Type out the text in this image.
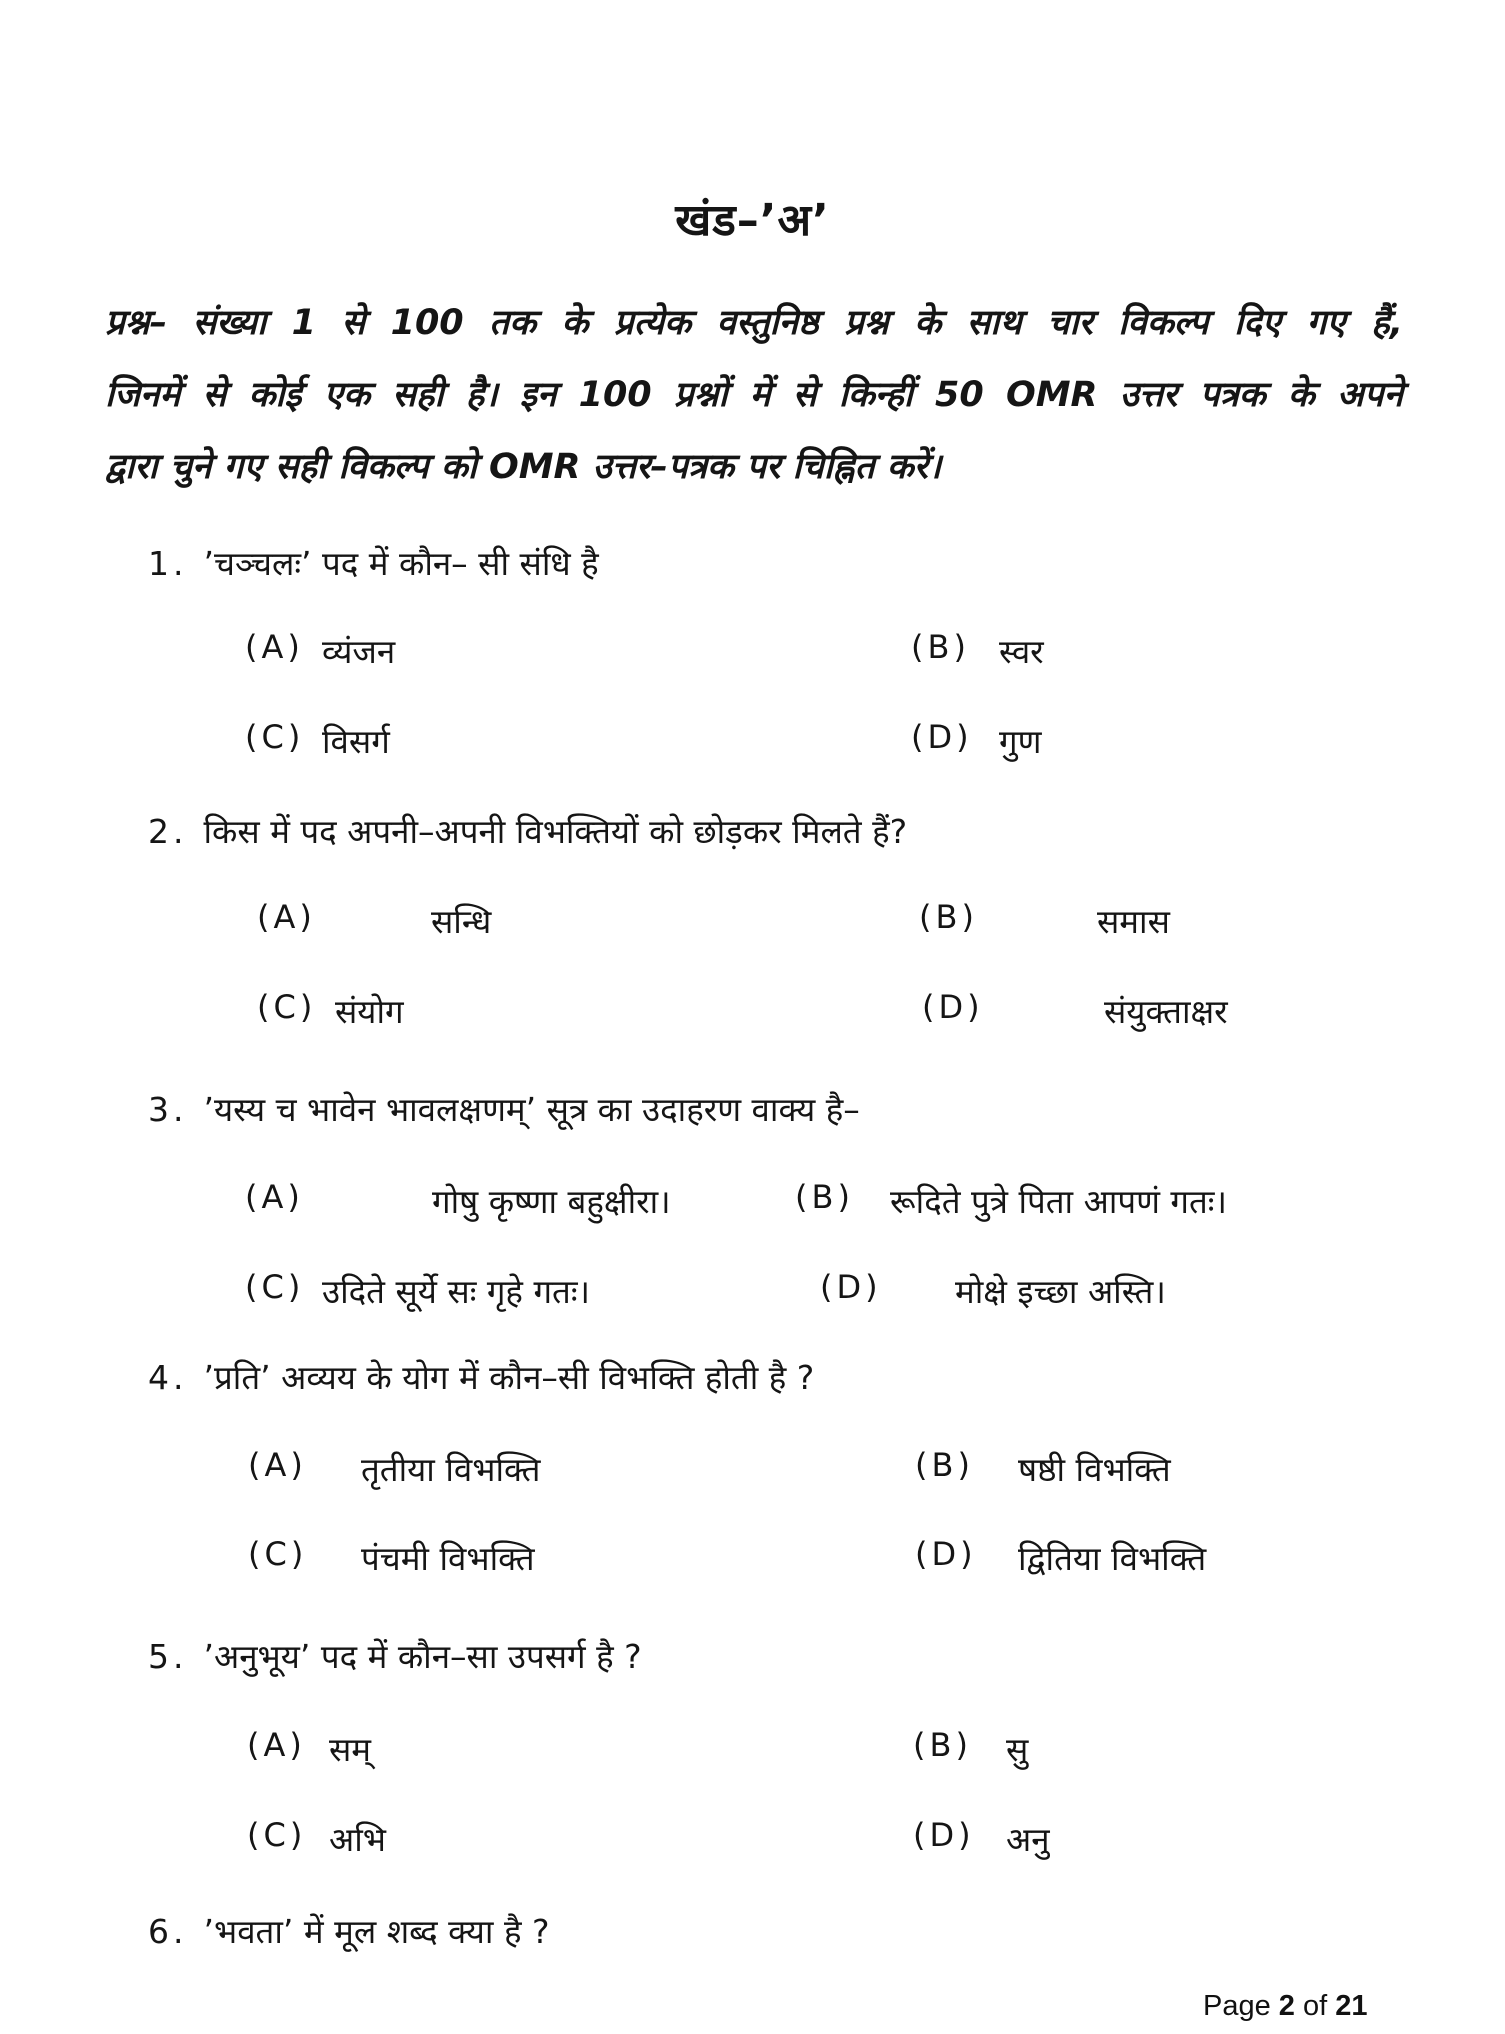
खंड–’अ’
प्रश्न– संख्या 1 से 100 तक के प्रत्येक वस्तुनिष्ठ प्रश्न के साथ चार विकल्प दिए गए हैं,
जिनमें से कोई एक सही है। इन 100 प्रश्नों में से किन्हीं 50 OMR उत्तर पत्रक के अपने
द्वारा चुने गए सही विकल्प को OMR उत्तर–पत्रक पर चिह्नित करें।
1. ’चञ्चलः’ पद में कौन– सी संधि है
(A) व्यंजन	(B) स्वर
(C) विसर्ग	(D) गुण
2. किस में पद अपनी–अपनी विभक्तियों को छोड़कर मिलते हैं?
(A)	सन्धि	(B)	समास
(C) संयोग	(D)	संयुक्ताक्षर
3. ’यस्य च भावेन भावलक्षणम्’ सूत्र का उदाहरण वाक्य है–
(A)	गोषु कृष्णा बहुक्षीरा।	(B) रूदिते पुत्रे पिता आपणं गतः।
(C) उदिते सूर्ये सः गृहे गतः।	(D) मोक्षे इच्छा अस्ति।
4. ’प्रति’ अव्यय के योग में कौन–सी विभक्ति होती है ?
(A) तृतीया विभक्ति	(B) षष्ठी विभक्ति
(C) पंचमी विभक्ति	(D) द्वितिया विभक्ति
5. ’अनुभूय’ पद में कौन–सा उपसर्ग है ?
(A) सम्	(B) सु
(C) अभि	(D) अनु
6. ’भवता’ में मूल शब्द क्या है ?
Page 2 of 21
